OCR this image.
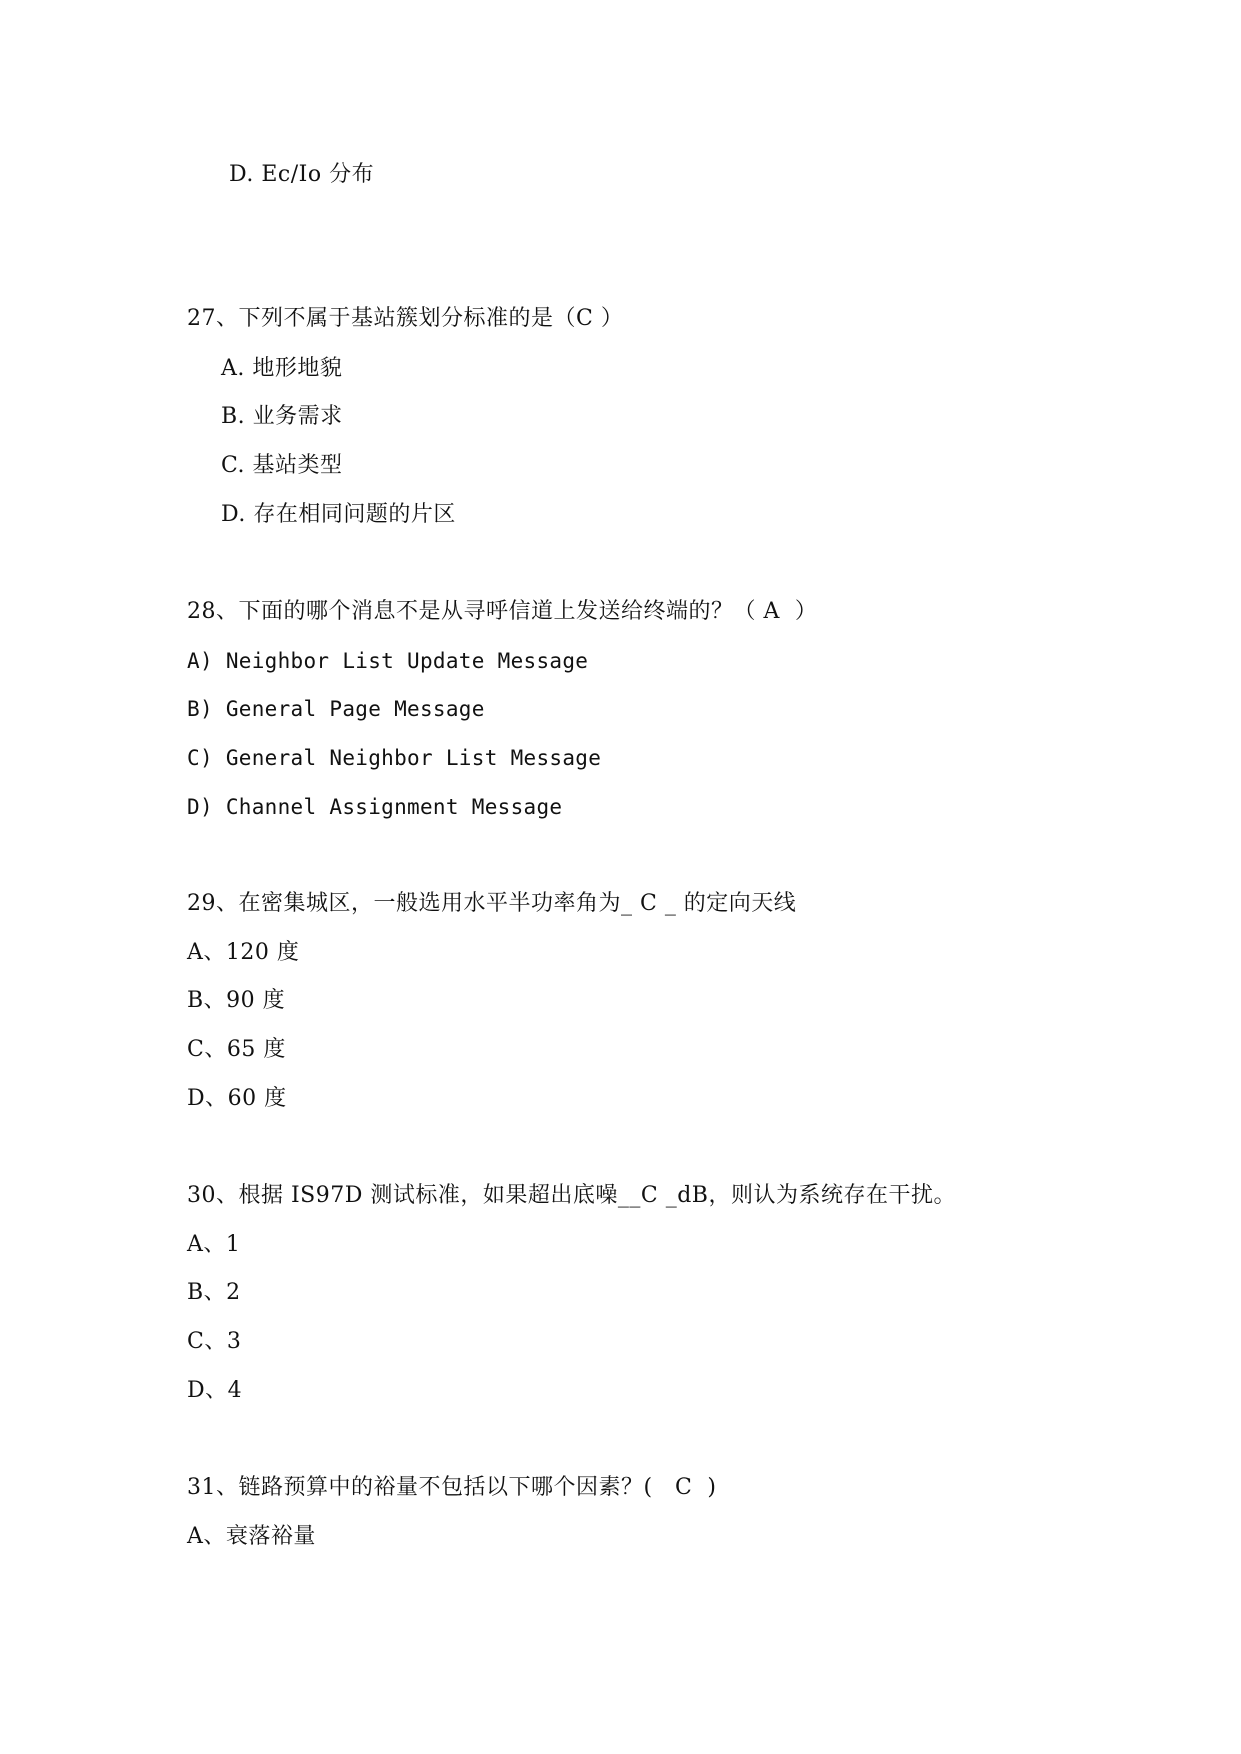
D. Ec/Io 分布
27、下列不属于基站簇划分标准的是（C ）
A. 地形地貌
B. 业务需求
C. 基站类型
D. 存在相同问题的片区
28、下面的哪个消息不是从寻呼信道上发送给终端的？（ A  ）
A) Neighbor List Update Message
B) General Page Message
C) General Neighbor List Message
D) Channel Assignment Message
29、在密集城区，一般选用水平半功率角为_ C _ 的定向天线
A、120 度
B、90 度
C、65 度
D、60 度
30、根据 IS97D 测试标准，如果超出底噪__C _dB，则认为系统存在干扰。
A、1
B、2
C、3
D、4
31、链路预算中的裕量不包括以下哪个因素？(   C  )
A、衰落裕量
